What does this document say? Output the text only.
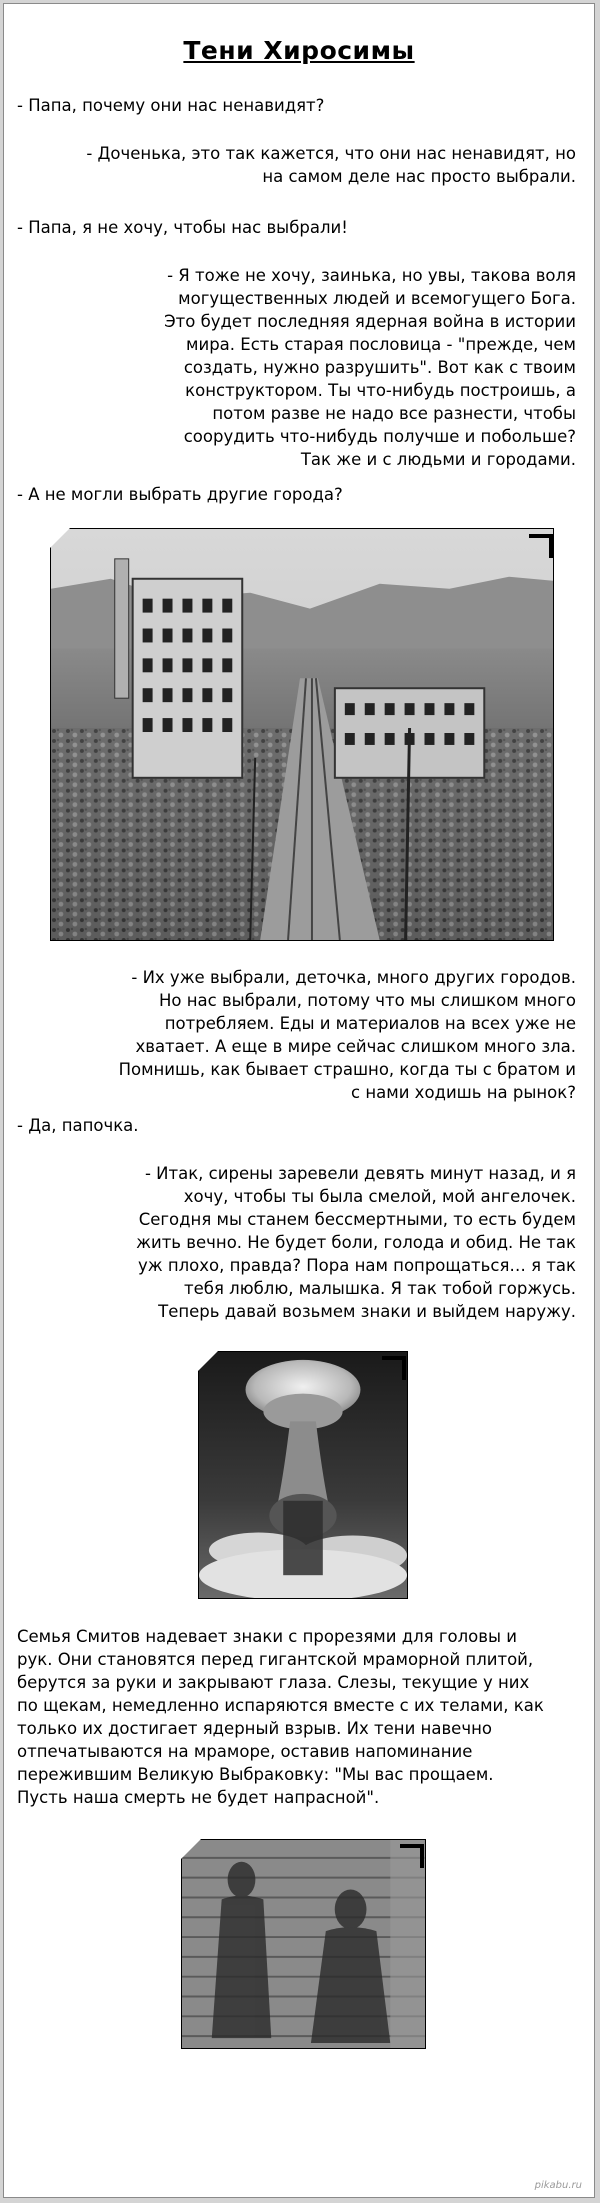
Тени Хиросимы

- Папа, почему они нас ненавидят?

- Доченька, это так кажется, что они нас ненавидят, но на самом деле нас просто выбрали.

- Папа, я не хочу, чтобы нас выбрали!

- Я тоже не хочу, заинька, но увы, такова воля могущественных людей и всемогущего Бога. Это будет последняя ядерная война в истории мира. Есть старая пословица - "прежде, чем создать, нужно разрушить". Вот как с твоим конструктором. Ты что-нибудь построишь, а потом разве не надо все разнести, чтобы соорудить что-нибудь получше и побольше? Так же и с людьми и городами.

- А не могли выбрать другие города?

- Их уже выбрали, деточка, много других городов. Но нас выбрали, потому что мы слишком много потребляем. Еды и материалов на всех уже не хватает. А еще в мире сейчас слишком много зла. Помнишь, как бывает страшно, когда ты с братом и с нами ходишь на рынок?

- Да, папочка.

- Итак, сирены заревели девять минут назад, и я хочу, чтобы ты была смелой, мой ангелочек. Сегодня мы станем бессмертными, то есть будем жить вечно. Не будет боли, голода и обид. Не так уж плохо, правда? Пора нам попрощаться… я так тебя люблю, малышка. Я так тобой горжусь. Теперь давай возьмем знаки и выйдем наружу.

Семья Смитов надевает знаки с прорезями для головы и рук. Они становятся перед гигантской мраморной плитой, берутся за руки и закрывают глаза. Слезы, текущие у них по щекам, немедленно испаряются вместе с их телами, как только их достигает ядерный взрыв. Их тени навечно отпечатываются на мраморе, оставив напоминание пережившим Великую Выбраковку: "Мы вас прощаем. Пусть наша смерть не будет напрасной".

pikabu.ru
